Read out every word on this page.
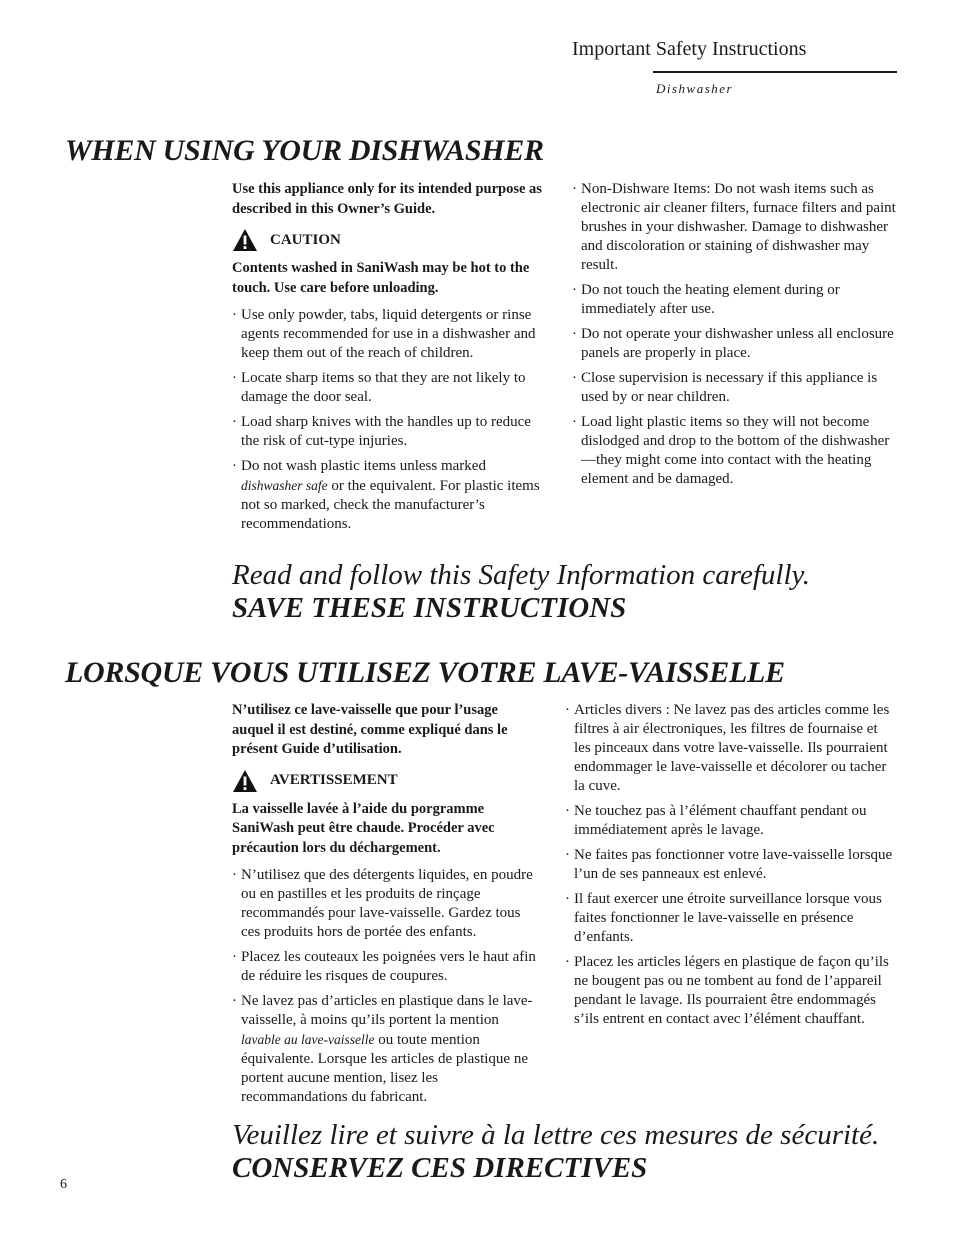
Important Safety Instructions
Dishwasher
WHEN USING YOUR DISHWASHER

Use this appliance only for its intended purpose as described in this Owner’s Guide.

CAUTION

Contents washed in SaniWash may be hot to the touch. Use care before unloading.

· Use only powder, tabs, liquid detergents or rinse agents recommended for use in a dishwasher and keep them out of the reach of children.
· Locate sharp items so that they are not likely to damage the door seal.
· Load sharp knives with the handles up to reduce the risk of cut-type injuries.
· Do not wash plastic items unless marked dishwasher safe or the equivalent. For plastic items not so marked, check the manufacturer’s recommendations.
· Non-Dishware Items: Do not wash items such as electronic air cleaner filters, furnace filters and paint brushes in your dishwasher. Damage to dishwasher and discoloration or staining of dishwasher may result.
· Do not touch the heating element during or immediately after use.
· Do not operate your dishwasher unless all enclosure panels are properly in place.
· Close supervision is necessary if this appliance is used by or near children.
· Load light plastic items so they will not become dislodged and drop to the bottom of the dishwasher—they might come into contact with the heating element and be damaged.
Read and follow this Safety Information carefully.
SAVE THESE INSTRUCTIONS
LORSQUE VOUS UTILISEZ VOTRE LAVE-VAISSELLE

N’utilisez ce lave-vaisselle que pour l’usage auquel il est destiné, comme expliqué dans le présent Guide d’utilisation.

AVERTISSEMENT

La vaisselle lavée à l’aide du porgramme SaniWash peut être chaude. Procéder avec précaution lors du déchargement.

· N’utilisez que des détergents liquides, en poudre ou en pastilles et les produits de rinçage recommandés pour lave-vaisselle. Gardez tous ces produits hors de portée des enfants.
· Placez les couteaux les poignées vers le haut afin de réduire les risques de coupures.
· Ne lavez pas d’articles en plastique dans le lave-vaisselle, à moins qu’ils portent la mention lavable au lave-vaisselle ou toute mention équivalente. Lorsque les articles de plastique ne portent aucune mention, lisez les recommandations du fabricant.
· Articles divers : Ne lavez pas des articles comme les filtres à air électroniques, les filtres de fournaise et les pinceaux dans votre lave-vaisselle. Ils pourraient endommager le lave-vaisselle et décolorer ou tacher la cuve.
· Ne touchez pas à l’élément chauffant pendant ou immédiatement après le lavage.
· Ne faites pas fonctionner votre lave-vaisselle lorsque l’un de ses panneaux est enlevé.
· Il faut exercer une étroite surveillance lorsque vous faites fonctionner le lave-vaisselle en présence d’enfants.
· Placez les articles légers en plastique de façon qu’ils ne bougent pas ou ne tombent au fond de l’appareil pendant le lavage. Ils pourraient être endommagés s’ils entrent en contact avec l’élément chauffant.
Veuillez lire et suivre à la lettre ces mesures de sécurité.
CONSERVEZ CES DIRECTIVES
6
